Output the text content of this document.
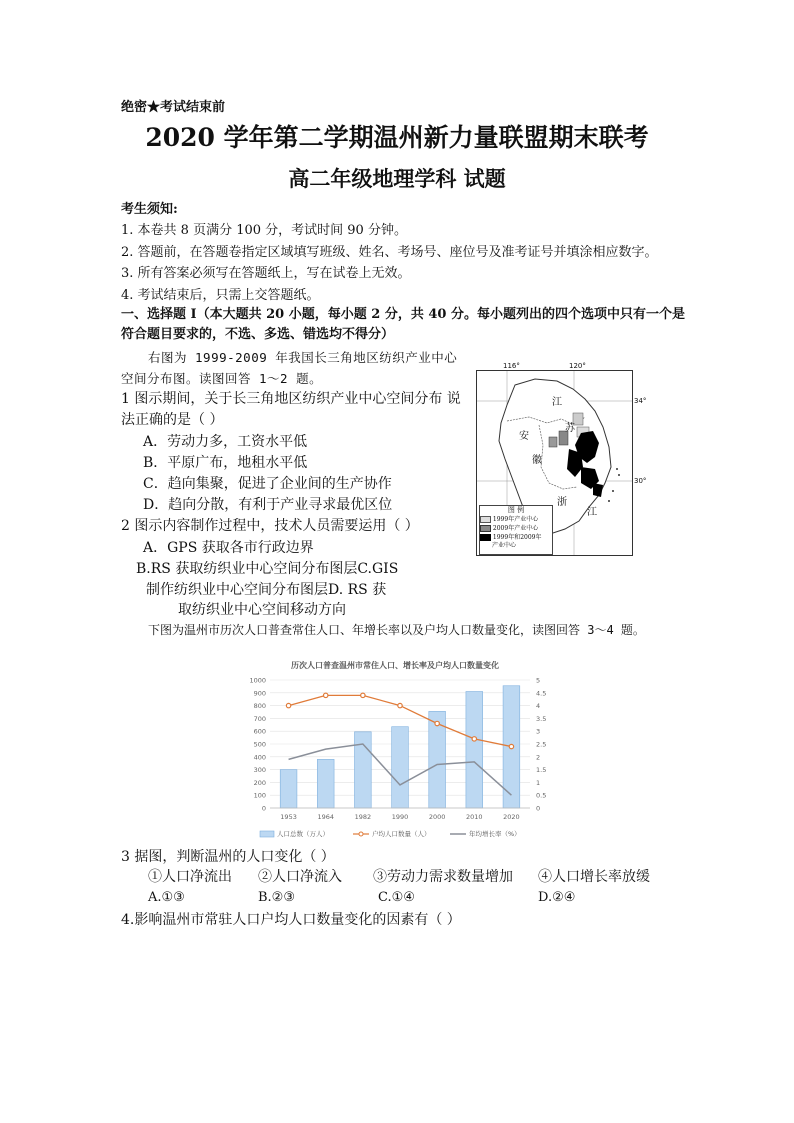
绝密★考试结束前
2020 学年第二学期温州新力量联盟期末联考
高二年级地理学科 试题
考生须知:
1. 本卷共 8 页满分 100 分，考试时间 90 分钟。
2. 答题前，在答题卷指定区域填写班级、姓名、考场号、座位号及准考证号并填涂相应数字。
3. 所有答案必须写在答题纸上，写在试卷上无效。
4. 考试结束后，只需上交答题纸。
一、选择题 I（本大题共 20 小题，每小题 2 分，共 40 分。每小题列出的四个选项中只有一个是
符合题目要求的，不选、多选、错选均不得分）
右图为 1999-2009 年我国长三角地区纺织产业中心
空间分布图。读图回答 1～2 题。
1 图示期间，关于长三角地区纺织产业中心空间分布 说
法正确的是（ ）
A．劳动力多，工资水平低
B．平原广布，地租水平低
C．趋向集聚，促进了企业间的生产协作
D．趋向分散，有利于产业寻求最优区位
2 图示内容制作过程中，技术人员需要运用（ ）
A．GPS 获取各市行政边界
B.RS 获取纺织业中心空间分布图层C.GIS
制作纺织业中心空间分布图层D. RS 获
取纺织业中心空间移动方向
116°	120°
34°
30°
江
苏
安
徽
浙
江
图 例
1999年产业中心
2009年产业中心
1999年和2009年
产业中心
下图为温州市历次人口普查常住人口、年增长率以及户均人口数量变化，读图回答 3～4 题。
历次人口普查温州市常住人口、增长率及户均人口数量变化
0
100
200
300
400
500
600
700
800
900
1000
0
0.5
1
1.5
2
2.5
3
3.5
4
4.5
5
1953	1964	1982	1990	2000	2010	2020
人口总数（万人）	户均人口数量（人）	年均增长率（%）
3 据图，判断温州的人口变化（ ）
①人口净流出 ②人口净流入 ③劳动力需求数量增加 ④人口增长率放缓
A.①③	B.②③	C.①④	D.②④
4.影响温州市常驻人口户均人口数量变化的因素有（ ）
